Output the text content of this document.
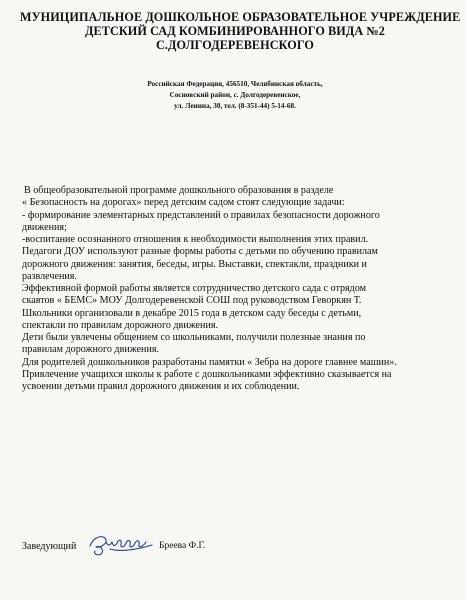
МУНИЦИПАЛЬНОЕ ДОШКОЛЬНОЕ ОБРАЗОВАТЕЛЬНОЕ УЧРЕЖДЕНИЕ
ДЕТСКИЙ САД КОМБИНИРОВАННОГО ВИДА №2
С.ДОЛГОДЕРЕВЕНСКОГО
Российская Федерация, 456510, Челябинская область,
Сосновский район, с. Долгодеревенское,
ул. Ленина, 30, тел. (8-351-44) 5-14-68.
В общеобразовательной программе дошкольного образования в разделе
« Безопасность на дорогах» перед детским садом стоят следующие задачи:
- формирование элементарных представлений о правилах безопасности дорожного
движения;
-воспитание осознанного отношения к необходимости выполнения этих правил.
Педагоги ДОУ используют разные формы работы с детьми по обучению правилам
дорожного движения: занятия, беседы, игры. Выставки, спектакли, праздники и
развлечения.
Эффективной формой работы является сотрудничество детского сада с отрядом
скавтов « БЕМС» МОУ Долгодеревенской СОШ под руководством Геворкян Т.
Школьники организовали в декабре 2015 года в детском саду беседы с детьми,
спектакли по правилам дорожного движения.
Дети были увлечены общением со школьниками, получили полезные знания по
правилам дорожного движения.
Для родителей дошкольников разработаны памятки « Зебра на дороге главнее машин».
Привлечение учащихся школы к работе с дошкольниками эффективно сказывается на
усвоении детьми правил дорожного движения и их соблюдении.
Заведующий	Бреева Ф.Г.
